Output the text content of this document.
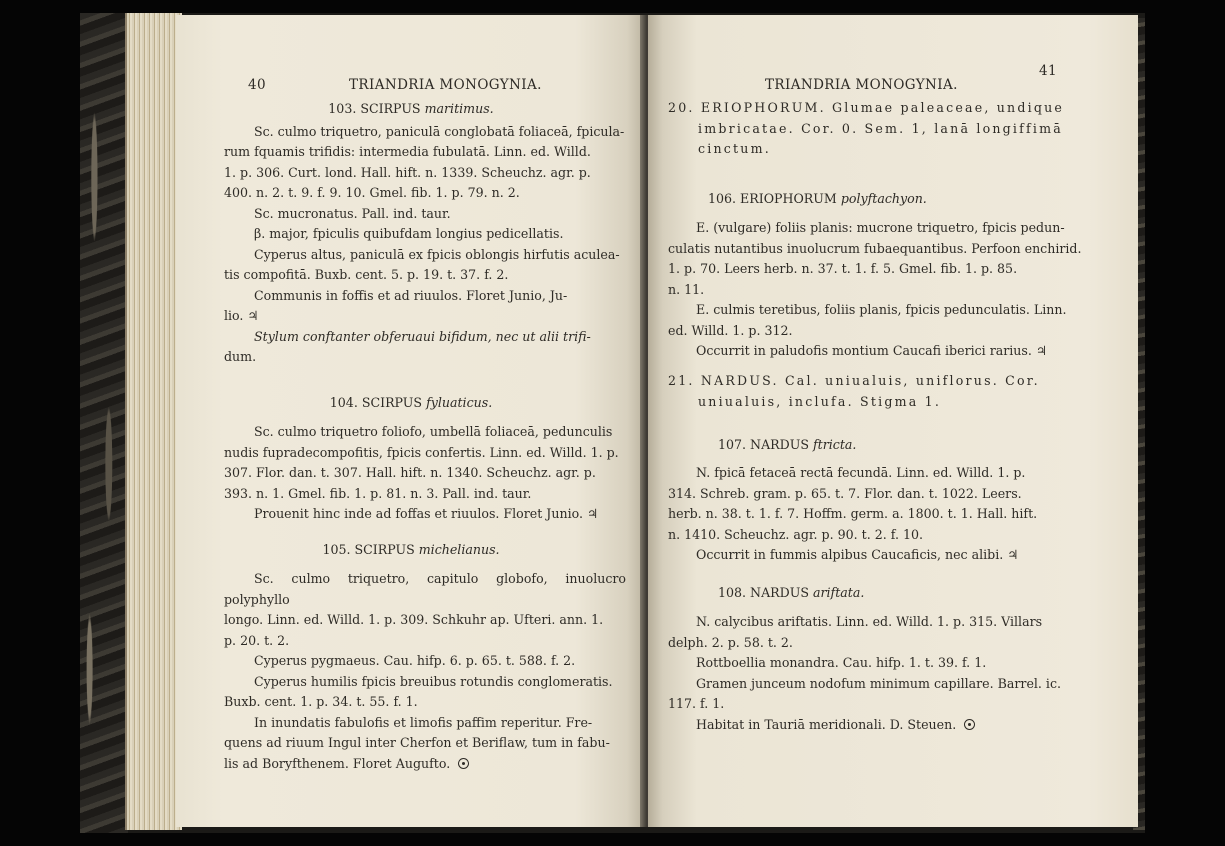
40	TRIANDRIA MONOGYNIA.
103. SCIRPUS maritimus.
Sc. culmo triquetro, paniculā conglobatā foliaceā, fpicula-
rum fquamis trifidis: intermedia fubulatā. Linn. ed. Willd.
1. p. 306. Curt. lond. Hall. hift. n. 1339. Scheuchz. agr. p.
400. n. 2. t. 9. f. 9. 10. Gmel. fib. 1. p. 79. n. 2.
Sc. mucronatus. Pall. ind. taur.
β. major, fpiculis quibufdam longius pedicellatis.
Cyperus altus, paniculā ex fpicis oblongis hirfutis aculea-
tis compofitā. Buxb. cent. 5. p. 19. t. 37. f. 2.
Communis in foffis et ad riuulos. Floret Junio, Ju-
lio. ♃
Stylum conftanter obferuaui bifidum, nec ut alii trifi-
dum.
104. SCIRPUS fyluaticus.
Sc. culmo triquetro foliofo, umbellā foliaceā, pedunculis
nudis fupradecompofitis, fpicis confertis. Linn. ed. Willd. 1. p.
307. Flor. dan. t. 307. Hall. hift. n. 1340. Scheuchz. agr. p.
393. n. 1. Gmel. fib. 1. p. 81. n. 3. Pall. ind. taur.
Prouenit hinc inde ad foffas et riuulos. Floret Junio. ♃
105. SCIRPUS michelianus.
Sc. culmo triquetro, capitulo globofo, inuolucro polyphyllo
longo. Linn. ed. Willd. 1. p. 309. Schkuhr ap. Ufteri. ann. 1.
p. 20. t. 2.
Cyperus pygmaeus. Cau. hifp. 6. p. 65. t. 588. f. 2.
Cyperus humilis fpicis breuibus rotundis conglomeratis.
Buxb. cent. 1. p. 34. t. 55. f. 1.
In inundatis fabulofis et limofis paffim reperitur. Fre-
quens ad riuum Ingul inter Cherfon et Beriflaw, tum in fabu-
lis ad Boryfthenem. Floret Augufto.
TRIANDRIA MONOGYNIA.
41
20. ERIOPHORUM. Glumae paleaceae, undique
imbricatae. Cor. 0. Sem. 1, lanā longiffimā
cinctum.
106. ERIOPHORUM polyftachyon.
E. (vulgare) foliis planis: mucrone triquetro, fpicis pedun-
culatis nutantibus inuolucrum fubaequantibus. Perfoon enchirid.
1. p. 70. Leers herb. n. 37. t. 1. f. 5. Gmel. fib. 1. p. 85.
n. 11.
E. culmis teretibus, foliis planis, fpicis pedunculatis. Linn.
ed. Willd. 1. p. 312.
Occurrit in paludofis montium Caucafi iberici rarius. ♃
21. NARDUS. Cal. uniualuis, uniflorus. Cor.
uniualuis, inclufa. Stigma 1.
107. NARDUS ftricta.
N. fpicā fetaceā rectā fecundā. Linn. ed. Willd. 1. p.
314. Schreb. gram. p. 65. t. 7. Flor. dan. t. 1022. Leers.
herb. n. 38. t. 1. f. 7. Hoffm. germ. a. 1800. t. 1. Hall. hift.
n. 1410. Scheuchz. agr. p. 90. t. 2. f. 10.
Occurrit in fummis alpibus Caucaficis, nec alibi. ♃
108. NARDUS ariftata.
N. calycibus ariftatis. Linn. ed. Willd. 1. p. 315. Villars
delph. 2. p. 58. t. 2.
Rottboellia monandra. Cau. hifp. 1. t. 39. f. 1.
Gramen junceum nodofum minimum capillare. Barrel. ic.
117. f. 1.
Habitat in Tauriā meridionali. D. Steuen.
